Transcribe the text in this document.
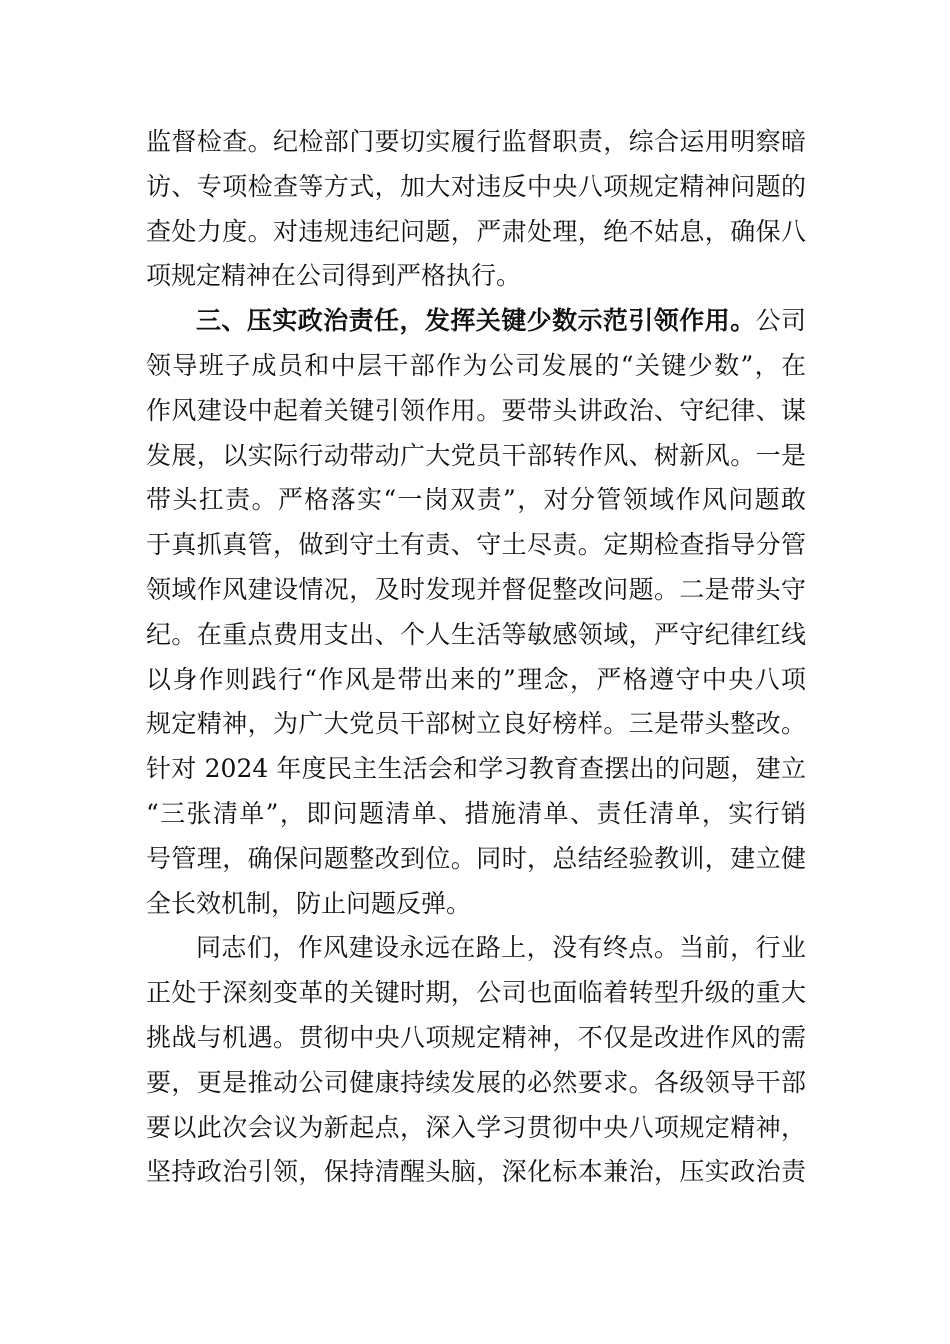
监督检查。纪检部门要切实履行监督职责，综合运用明察暗
访、专项检查等方式，加大对违反中央八项规定精神问题的
查处力度。对违规违纪问题，严肃处理，绝不姑息，确保八
项规定精神在公司得到严格执行。
三、压实政治责任，发挥关键少数示范引领作用。公司
领导班子成员和中层干部作为公司发展的“关键少数”，在
作风建设中起着关键引领作用。要带头讲政治、守纪律、谋
发展，以实际行动带动广大党员干部转作风、树新风。一是
带头扛责。严格落实“一岗双责”，对分管领域作风问题敢
于真抓真管，做到守土有责、守土尽责。定期检查指导分管
领域作风建设情况，及时发现并督促整改问题。二是带头守
纪。在重点费用支出、个人生活等敏感领域，严守纪律红线
以身作则践行“作风是带出来的”理念，严格遵守中央八项
规定精神，为广大党员干部树立良好榜样。三是带头整改。
针对 2024 年度民主生活会和学习教育查摆出的问题，建立
“三张清单”，即问题清单、措施清单、责任清单，实行销
号管理，确保问题整改到位。同时，总结经验教训，建立健
全长效机制，防止问题反弹。
同志们，作风建设永远在路上，没有终点。当前，行业
正处于深刻变革的关键时期，公司也面临着转型升级的重大
挑战与机遇。贯彻中央八项规定精神，不仅是改进作风的需
要，更是推动公司健康持续发展的必然要求。各级领导干部
要以此次会议为新起点，深入学习贯彻中央八项规定精神，
坚持政治引领，保持清醒头脑，深化标本兼治，压实政治责
